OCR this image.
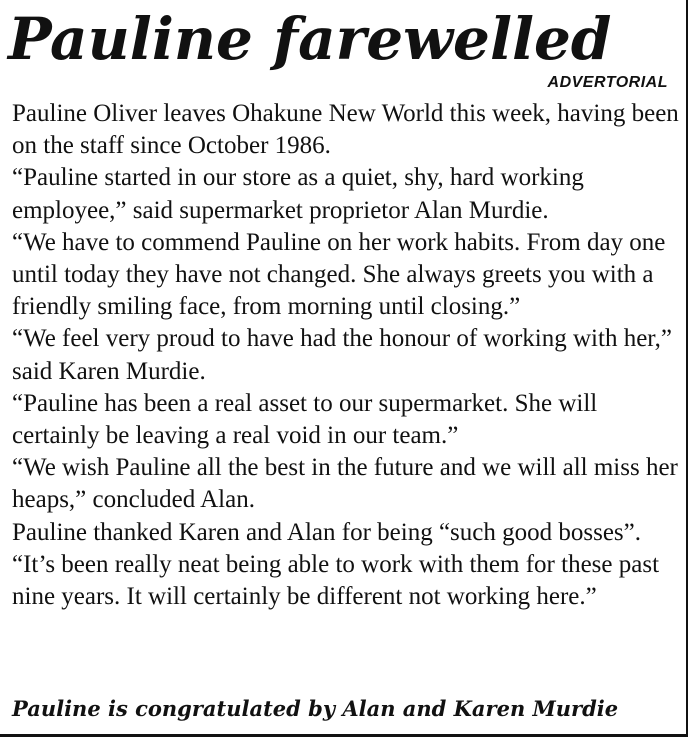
Pauline farewelled
ADVERTORIAL

Pauline Oliver leaves Ohakune New World this week, having been on the staff since October 1986.

“Pauline started in our store as a quiet, shy, hard working employee,” said supermarket proprietor Alan Murdie.

“We have to commend Pauline on her work habits. From day one until today they have not changed. She always greets you with a friendly smiling face, from morning until closing.”

“We feel very proud to have had the honour of working with her,” said Karen Murdie.

“Pauline has been a real asset to our supermarket. She will certainly be leaving a real void in our team.”

“We wish Pauline all the best in the future and we will all miss her heaps,” concluded Alan.

Pauline thanked Karen and Alan for being “such good bosses”.

“It’s been really neat being able to work with them for these past nine years. It will certainly be different not working here.”

Pauline is congratulated by Alan and Karen Murdie
